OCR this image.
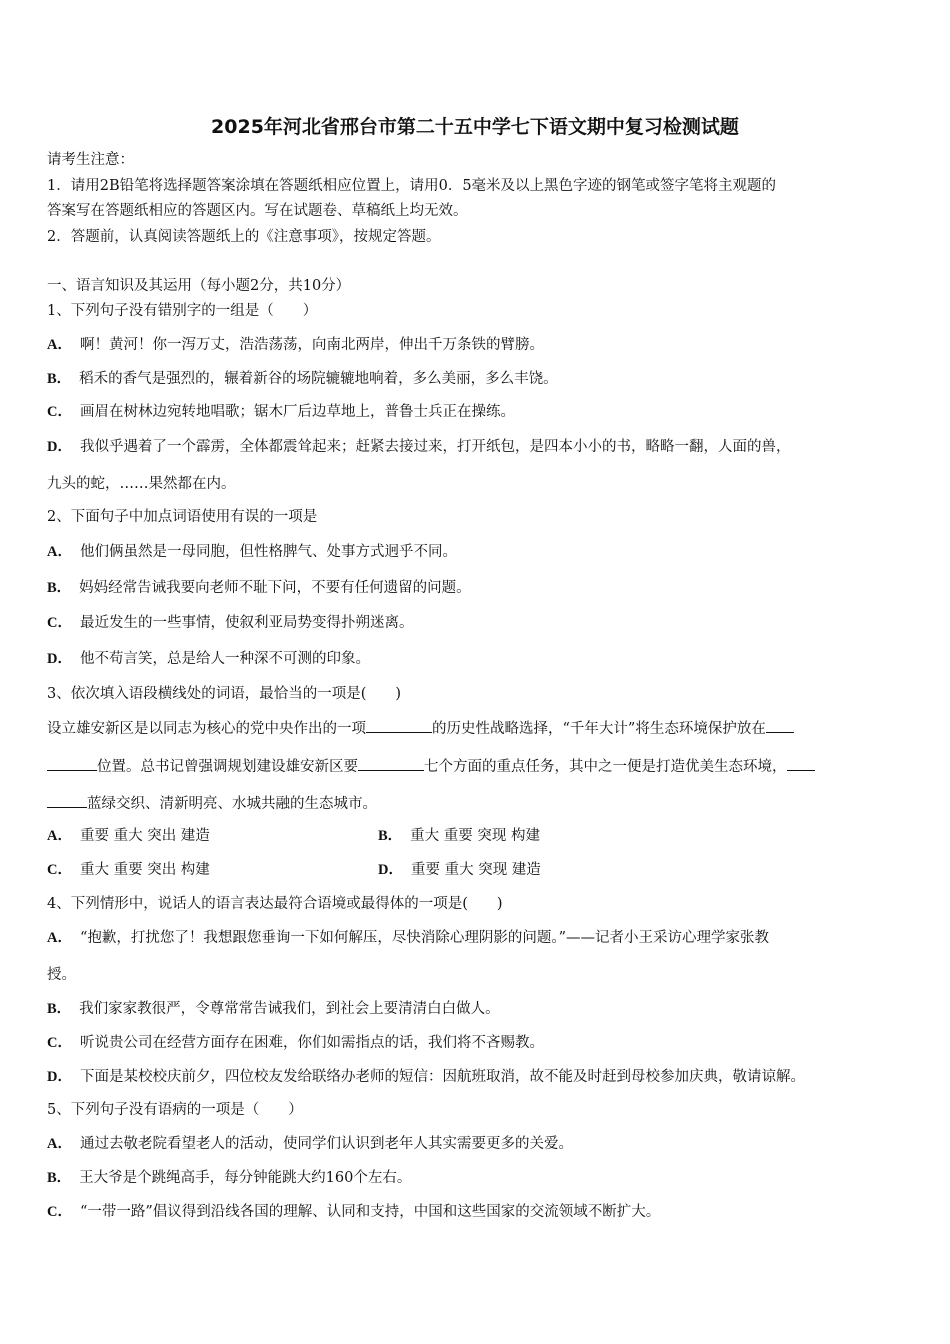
2025年河北省邢台市第二十五中学七下语文期中复习检测试题
请考生注意：
1．请用2B铅笔将选择题答案涂填在答题纸相应位置上，请用0．5毫米及以上黑色字迹的钢笔或签字笔将主观题的
答案写在答题纸相应的答题区内。写在试题卷、草稿纸上均无效。
2．答题前，认真阅读答题纸上的《注意事项》，按规定答题。
一、语言知识及其运用（每小题2分，共10分）
1、下列句子没有错别字的一组是（　　）
A． 啊！黄河！你一泻万丈，浩浩荡荡，向南北两岸，伸出千万条铁的臂膀。
B． 稻禾的香气是强烈的，辗着新谷的场院辘辘地响着，多么美丽，多么丰饶。
C． 画眉在树林边宛转地唱歌；锯木厂后边草地上，普鲁士兵正在操练。
D． 我似乎遇着了一个霹雳，全体都震耸起来；赶紧去接过来，打开纸包，是四本小小的书，略略一翻，人面的兽，
九头的蛇，……果然都在内。
2、下面句子中加点词语使用有误的一项是
A． 他们俩虽然是一母同胞，但性格脾气、处事方式迥乎不同。
B． 妈妈经常告诫我要向老师不耻下问，不要有任何遗留的问题。
C． 最近发生的一些事情，使叙利亚局势变得扑朔迷离。
D． 他不苟言笑，总是给人一种深不可测的印象。
3、依次填入语段横线处的词语，最恰当的一项是(　　)
设立雄安新区是以同志为核心的党中央作出的一项	的历史性战略选择，“千年大计”将生态环境保护放在
位置。总书记曾强调规划建设雄安新区要	七个方面的重点任务，其中之一便是打造优美生态环境，
蓝绿交织、清新明亮、水城共融的生态城市。
A． 重要 重大 突出 建造	B． 重大 重要 突现 构建
C． 重大 重要 突出 构建	D． 重要 重大 突现 建造
4、下列情形中，说话人的语言表达最符合语境或最得体的一项是(　　)
A． “抱歉，打扰您了！我想跟您垂询一下如何解压，尽快消除心理阴影的问题。”——记者小王采访心理学家张教
授。
B． 我们家家教很严，令尊常常告诫我们，到社会上要清清白白做人。
C． 听说贵公司在经营方面存在困难，你们如需指点的话，我们将不吝赐教。
D． 下面是某校校庆前夕，四位校友发给联络办老师的短信：因航班取消，故不能及时赶到母校参加庆典，敬请谅解。
5、下列句子没有语病的一项是（　　）
A． 通过去敬老院看望老人的活动，使同学们认识到老年人其实需要更多的关爱。
B． 王大爷是个跳绳高手，每分钟能跳大约160个左右。
C． “一带一路”倡议得到沿线各国的理解、认同和支持，中国和这些国家的交流领域不断扩大。
